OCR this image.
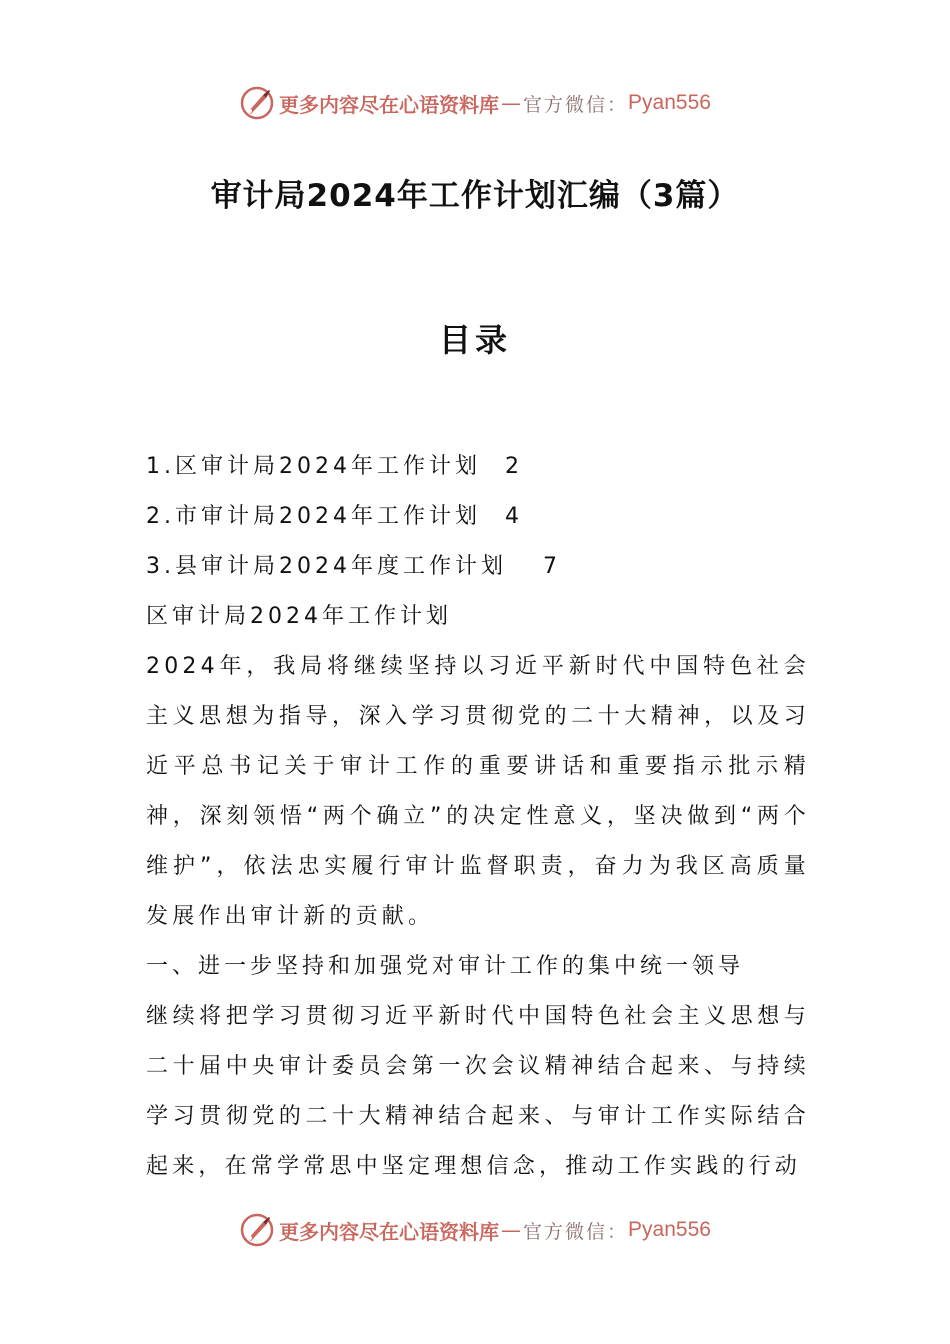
更多内容尽在心语资料库 — 官方微信： Pyan556
审计局2024年工作计划汇编（3篇）
目录
1.区审计局2024年工作计划 2
2.市审计局2024年工作计划 4
3.县审计局2024年度工作计划 7
区审计局2024年工作计划
2024年，我局将继续坚持以习近平新时代中国特色社会主义思想为指导，深入学习贯彻党的二十大精神，以及习近平总书记关于审计工作的重要讲话和重要指示批示精神，深刻领悟“两个确立”的决定性意义，坚决做到“两个维护”，依法忠实履行审计监督职责，奋力为我区高质量发展作出审计新的贡献。
一、进一步坚持和加强党对审计工作的集中统一领导
继续将把学习贯彻习近平新时代中国特色社会主义思想与二十届中央审计委员会第一次会议精神结合起来、与持续学习贯彻党的二十大精神结合起来、与审计工作实际结合起来，在常学常思中坚定理想信念，推动工作实践的行动
更多内容尽在心语资料库 — 官方微信： Pyan556
